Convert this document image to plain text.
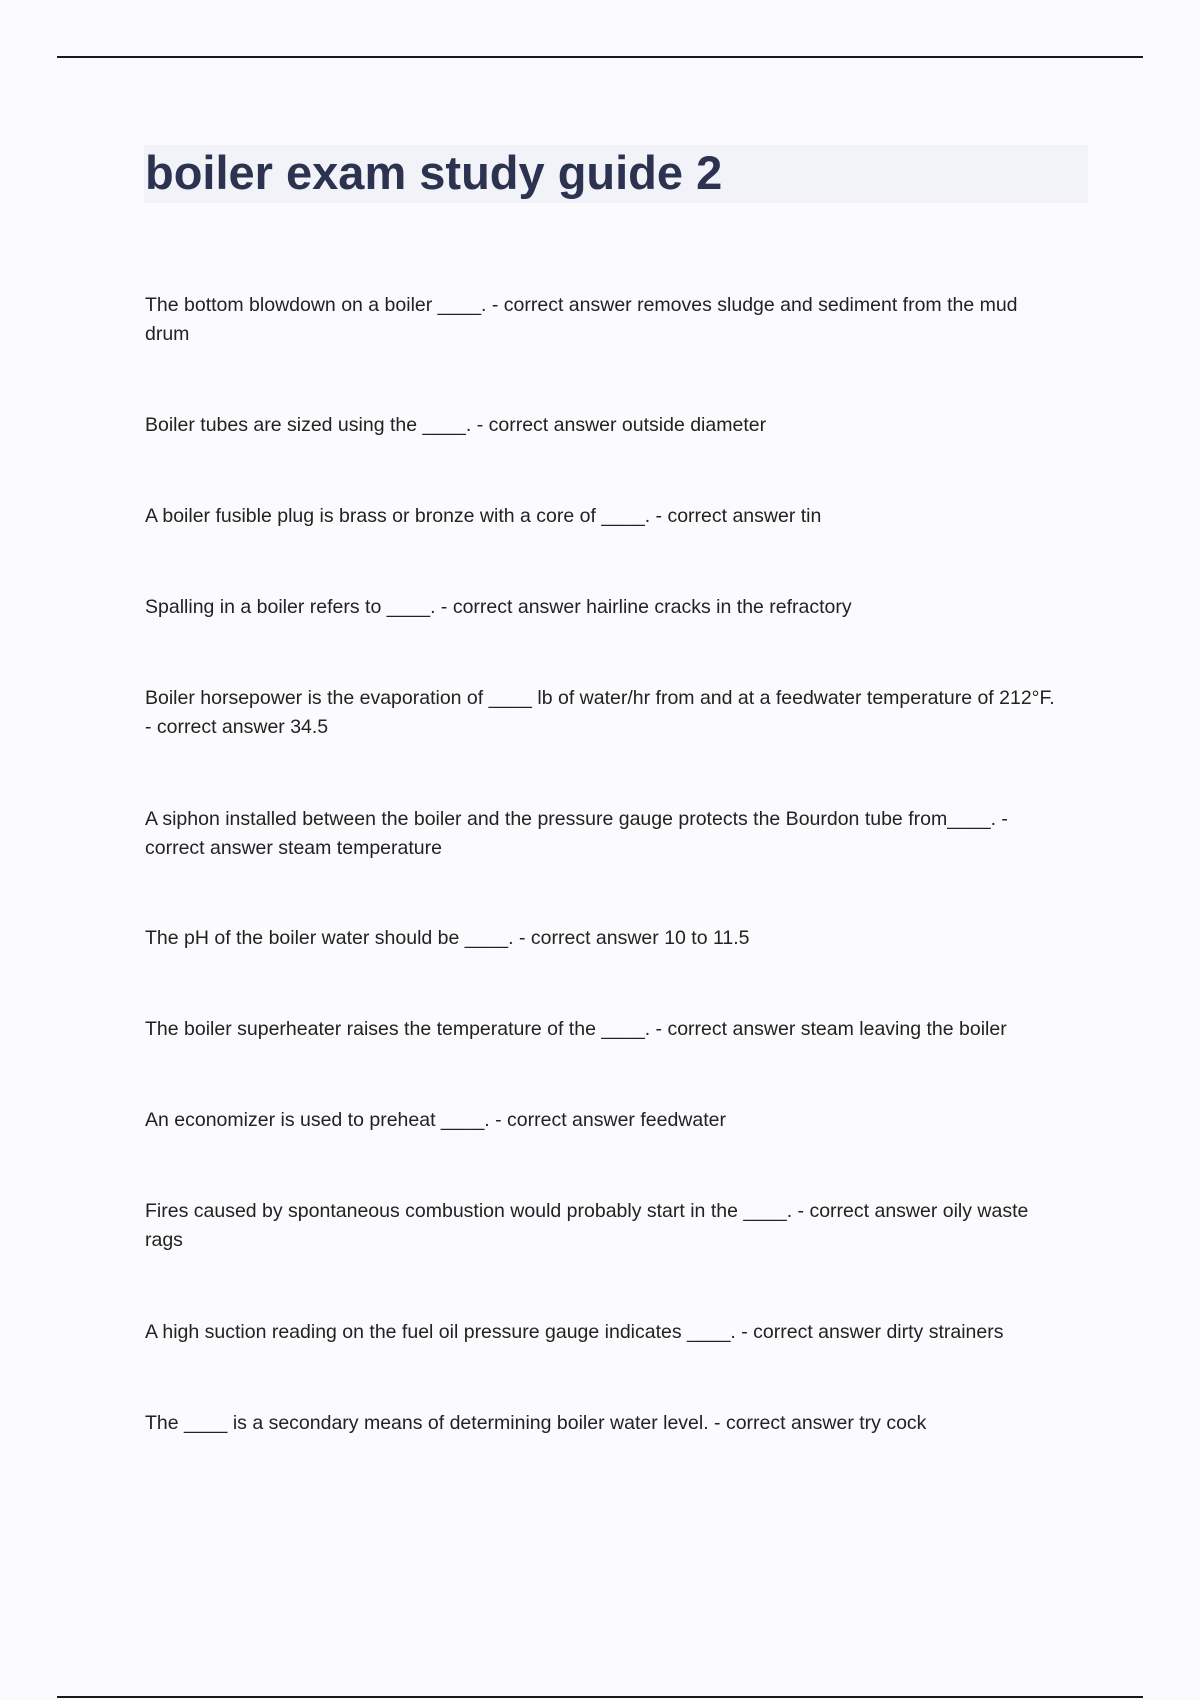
boiler exam study guide 2
The bottom blowdown on a boiler ____. - correct answer removes sludge and sediment from the mud drum
Boiler tubes are sized using the ____. - correct answer outside diameter
A boiler fusible plug is brass or bronze with a core of ____. - correct answer tin
Spalling in a boiler refers to ____. - correct answer hairline cracks in the refractory
Boiler horsepower is the evaporation of ____ lb of water/hr from and at a feedwater temperature of 212°F. - correct answer 34.5
A siphon installed between the boiler and the pressure gauge protects the Bourdon tube from____. - correct answer steam temperature
The pH of the boiler water should be ____. - correct answer 10 to 11.5
The boiler superheater raises the temperature of the ____. - correct answer steam leaving the boiler
An economizer is used to preheat ____. - correct answer feedwater
Fires caused by spontaneous combustion would probably start in the ____. - correct answer oily waste rags
A high suction reading on the fuel oil pressure gauge indicates ____. - correct answer dirty strainers
The ____ is a secondary means of determining boiler water level. - correct answer try cock
